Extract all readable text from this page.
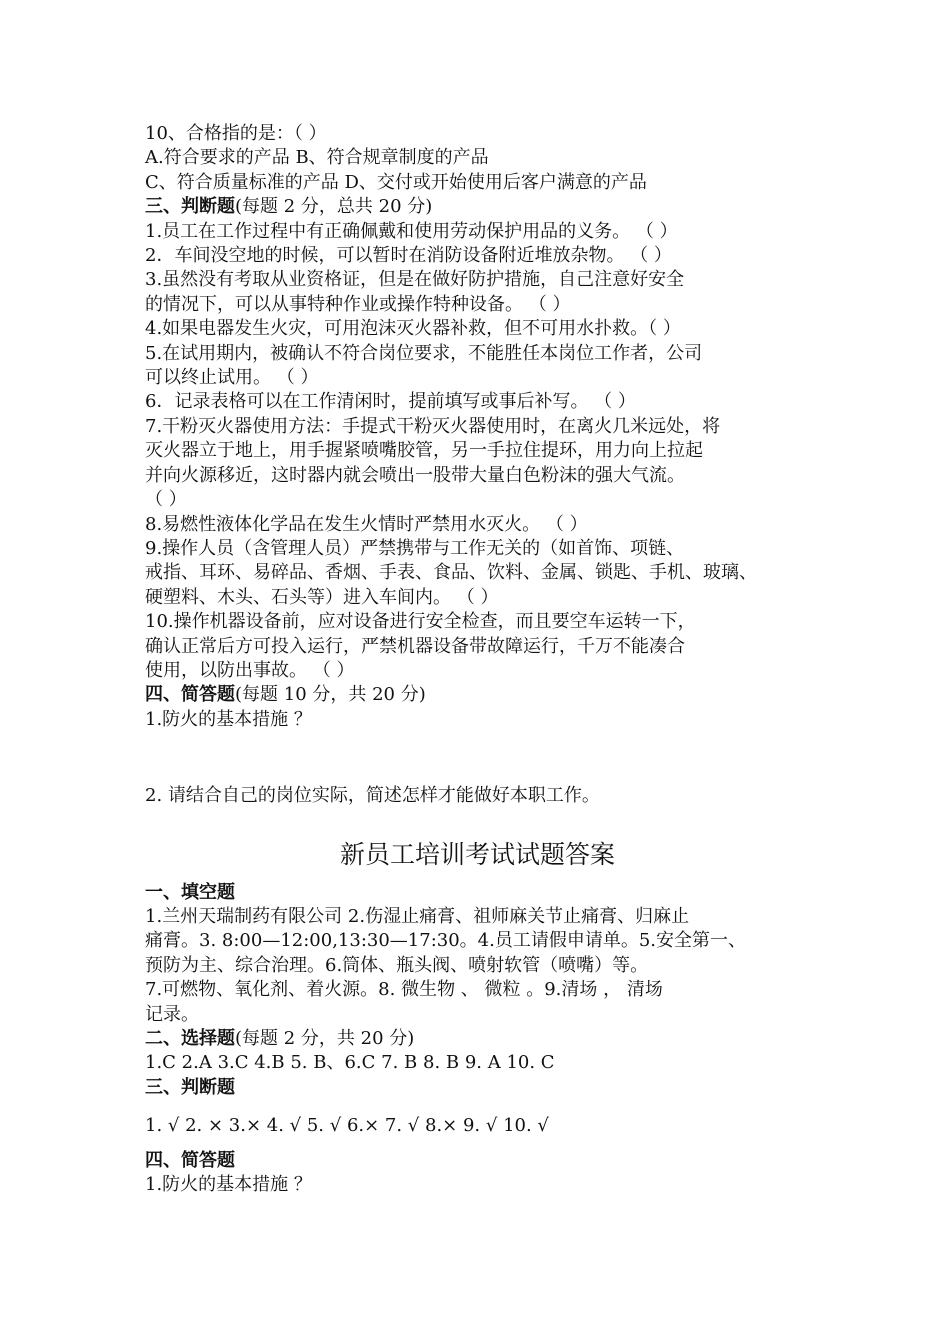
10、合格指的是：（ ）
A.符合要求的产品 B、符合规章制度的产品
C、符合质量标准的产品 D、交付或开始使用后客户满意的产品
三、判断题(每题 2 分，总共 20 分)
1.员工在工作过程中有正确佩戴和使用劳动保护用品的义务。 （ ）
2．车间没空地的时候，可以暂时在消防设备附近堆放杂物。 （ ）
3.虽然没有考取从业资格证，但是在做好防护措施，自己注意好安全
的情况下，可以从事特种作业或操作特种设备。 （ ）
4.如果电器发生火灾，可用泡沫灭火器补救，但不可用水扑救。（ ）
5.在试用期内，被确认不符合岗位要求，不能胜任本岗位工作者，公司
可以终止试用。 （ ）
6．记录表格可以在工作清闲时，提前填写或事后补写。 （ ）
7.干粉灭火器使用方法：手提式干粉灭火器使用时，在离火几米远处，将
灭火器立于地上，用手握紧喷嘴胶管，另一手拉住提环，用力向上拉起
并向火源移近，这时器内就会喷出一股带大量白色粉沫的强大气流。
（ ）
8.易燃性液体化学品在发生火情时严禁用水灭火。 （ ）
9.操作人员（含管理人员）严禁携带与工作无关的（如首饰、项链、
戒指、耳环、易碎品、香烟、手表、食品、饮料、金属、锁匙、手机、玻璃、
硬塑料、木头、石头等）进入车间内。 （ ）
10.操作机器设备前，应对设备进行安全检查，而且要空车运转一下，
确认正常后方可投入运行，严禁机器设备带故障运行，千万不能凑合
使用，以防出事故。 （ ）
四、简答题(每题 10 分，共 20 分)
1.防火的基本措施 ？
2. 请结合自己的岗位实际，简述怎样才能做好本职工作。
新员工培训考试试题答案
一、填空题
1.兰州天瑞制药有限公司 2.伤湿止痛膏、祖师麻关节止痛膏、归麻止
痛膏。3. 8:00—12:00,13:30—17:30。4.员工请假申请单。5.安全第一、
预防为主、综合治理。6.筒体、瓶头阀、喷射软管（喷嘴）等。
7.可燃物、氧化剂、着火源。8. 微生物 、 微粒 。9.清场 ， 清场
记录。
二、选择题(每题 2 分，共 20 分)
1.C 2.A 3.C 4.B 5. B、6.C 7. B 8. B 9. A 10. C
三、判断题
1. √ 2. × 3.× 4. √ 5. √ 6.× 7. √ 8.× 9. √ 10. √
四、简答题
1.防火的基本措施 ？
